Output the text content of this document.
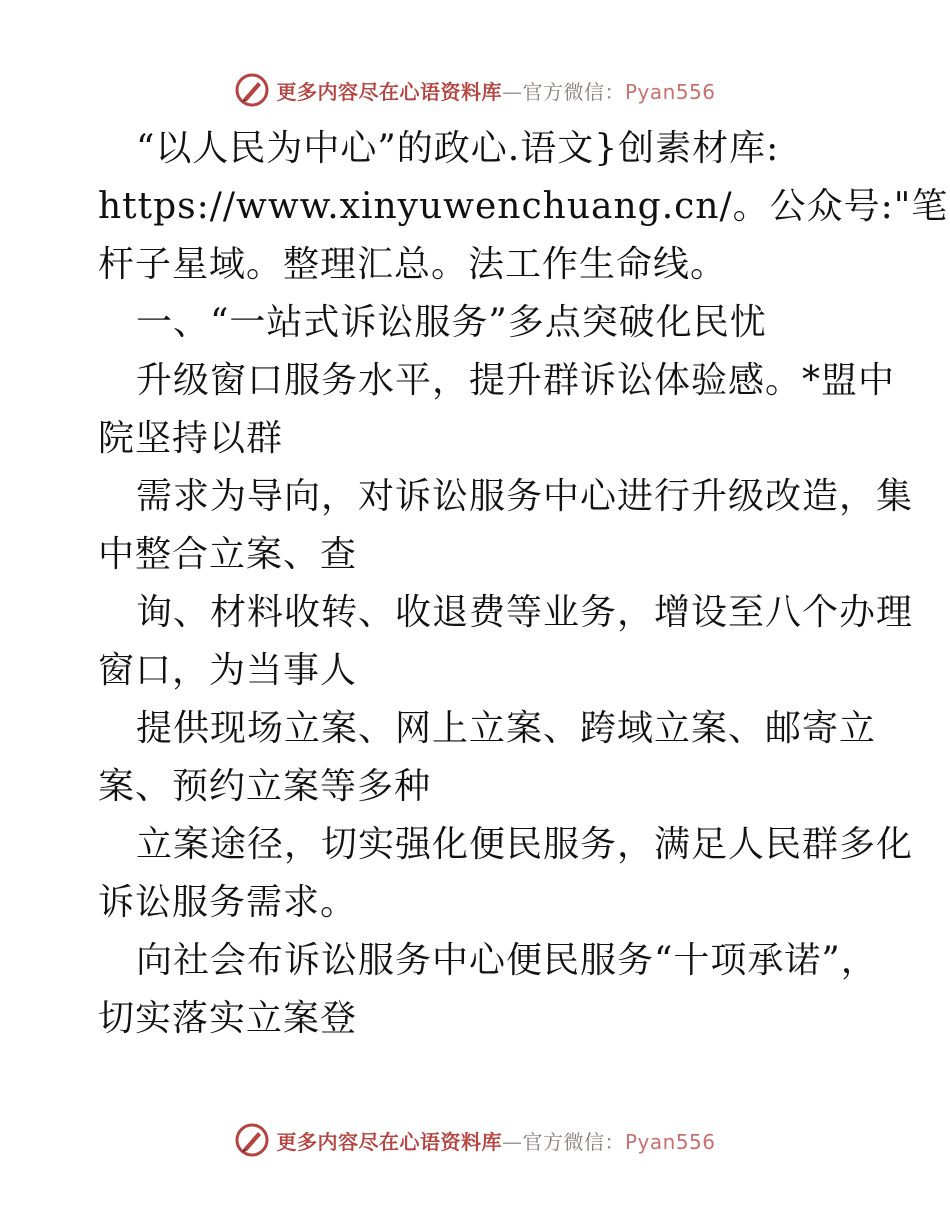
更多内容尽在心语资料库—官方微信：Pyan556

“以人民为中心”的政心.语文}创素材库:

https://www.xinyuwenchuang.cn/。公众号:"笔

杆子星域。整理汇总。法工作生命线。

一、“一站式诉讼服务”多点突破化民忧

升级窗口服务水平，提升群诉讼体验感。*盟中

院坚持以群

需求为导向，对诉讼服务中心进行升级改造，集

中整合立案、查

询、材料收转、收退费等业务，增设至八个办理

窗口，为当事人

提供现场立案、网上立案、跨域立案、邮寄立

案、预约立案等多种

立案途径，切实强化便民服务，满足人民群多化

诉讼服务需求。

向社会布诉讼服务中心便民服务“十项承诺”，

切实落实立案登

更多内容尽在心语资料库—官方微信：Pyan556
